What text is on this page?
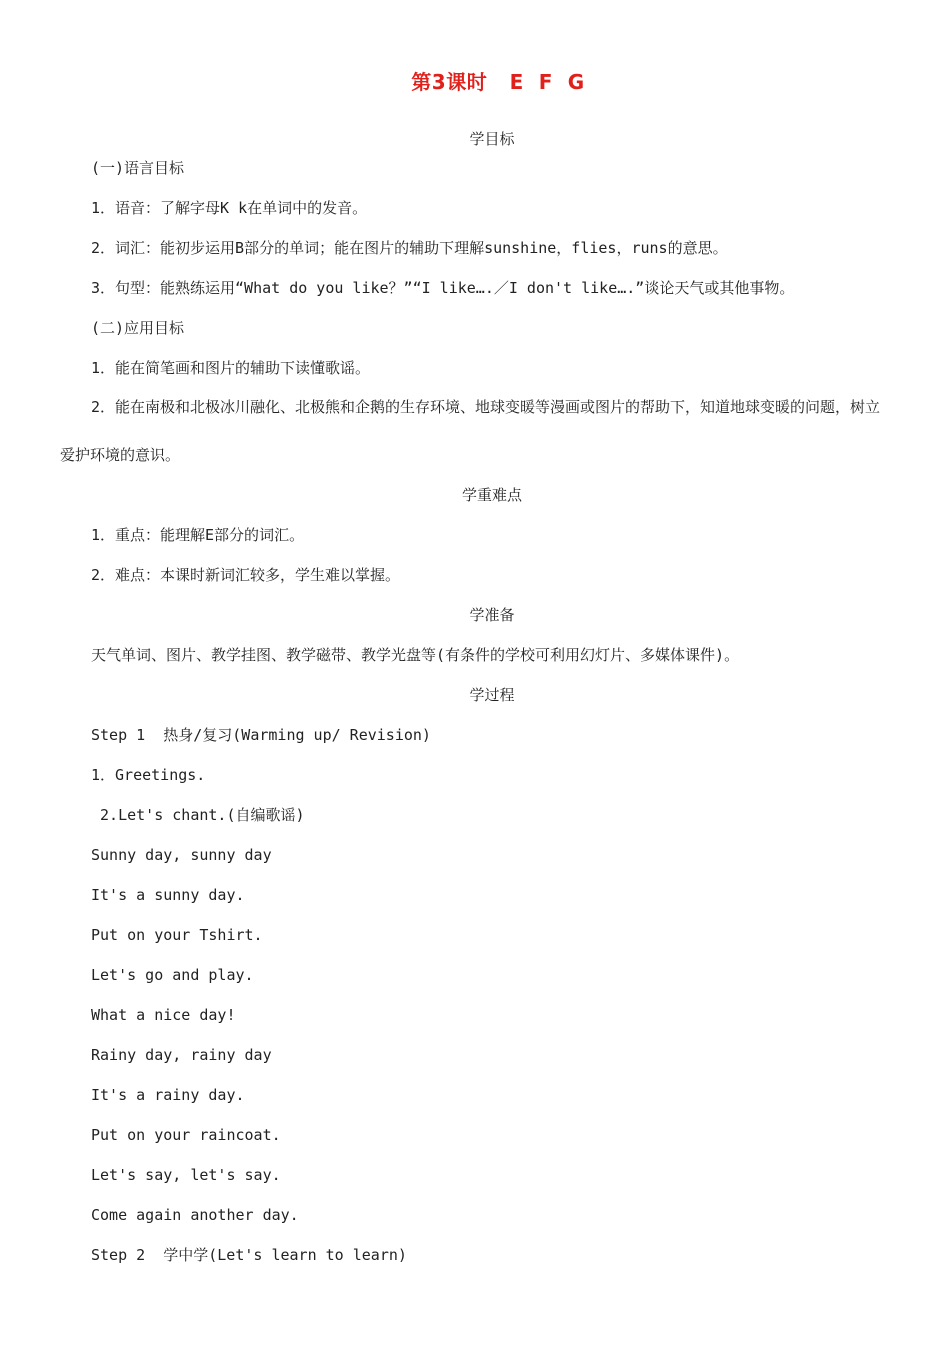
第3课时   E  F  G
学目标
(一)语言目标
1．语音：了解字母K k在单词中的发音。
2．词汇：能初步运用B部分的单词；能在图片的辅助下理解sunshine，flies，runs的意思。
3．句型：能熟练运用“What do you like？”“I like….／I don't like….”谈论天气或其他事物。
(二)应用目标
1．能在简笔画和图片的辅助下读懂歌谣。
2．能在南极和北极冰川融化、北极熊和企鹅的生存环境、地球变暖等漫画或图片的帮助下，知道地球变暖的问题，树立爱护环境的意识。
学重难点
1．重点：能理解E部分的词汇。
2．难点：本课时新词汇较多，学生难以掌握。
学准备
天气单词、图片、教学挂图、教学磁带、教学光盘等(有条件的学校可利用幻灯片、多媒体课件)。
学过程
Step 1  热身/复习(Warming up/ Revision)
1．Greetings.
2.Let's chant.(自编歌谣)
Sunny day, sunny day
It's a sunny day.
Put on your Tshirt.
Let's go and play.
What a nice day!
Rainy day, rainy day
It's a rainy day.
Put on your raincoat.
Let's say, let's say.
Come again another day.
Step 2  学中学(Let's learn to learn)
